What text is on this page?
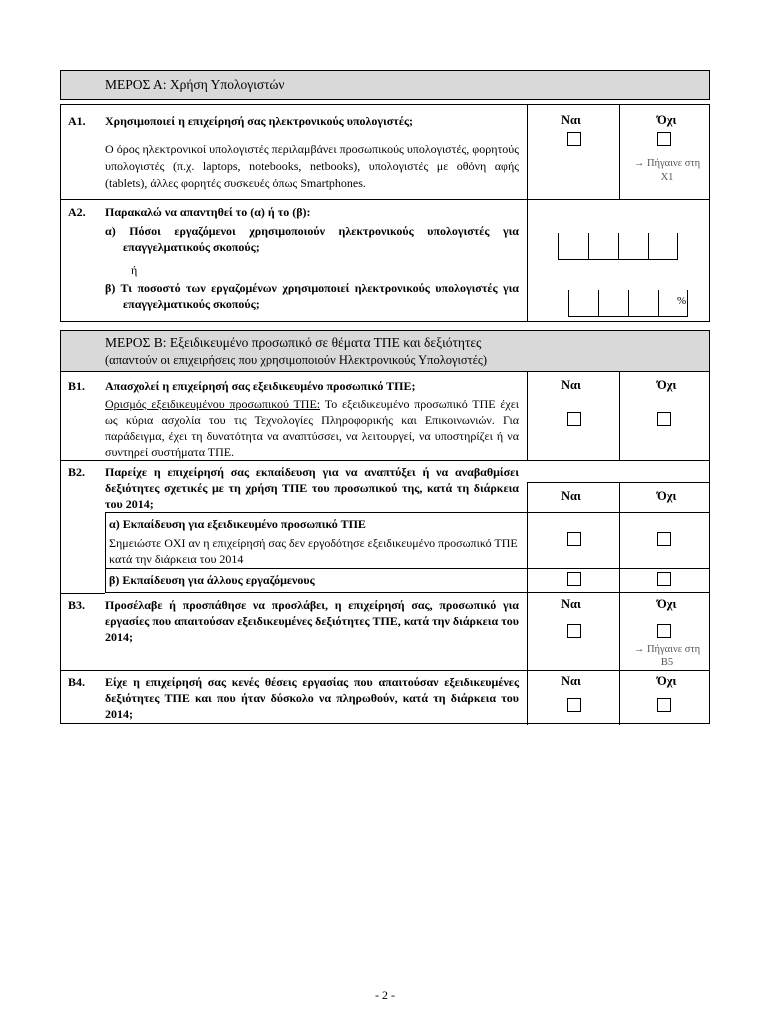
ΜΕΡΟΣ Α: Χρήση Υπολογιστών
Α1. Χρησιμοποιεί η επιχείρησή σας ηλεκτρονικούς υπολογιστές;
Ο όρος ηλεκτρονικοί υπολογιστές περιλαμβάνει προσωπικούς υπολογιστές, φορητούς υπολογιστές (π.χ. laptops, notebooks, netbooks), υπολογιστές με οθόνη αφής (tablets), άλλες φορητές συσκευές όπως Smartphones.
Ναι	Όχι
→ Πήγαινε στη
Χ1
Α2. Παρακαλώ να απαντηθεί το (α) ή το (β):
α) Πόσοι εργαζόμενοι χρησιμοποιούν ηλεκτρονικούς υπολογιστές για επαγγελματικούς σκοπούς;
ή
β) Τι ποσοστό των εργαζομένων χρησιμοποιεί ηλεκτρονικούς υπολογιστές για επαγγελματικούς σκοπούς;	%
ΜΕΡΟΣ Β: Εξειδικευμένο προσωπικό σε θέματα ΤΠΕ και δεξιότητες
(απαντούν οι επιχειρήσεις που χρησιμοποιούν Ηλεκτρονικούς Υπολογιστές)
Β1. Απασχολεί η επιχείρησή σας εξειδικευμένο προσωπικό ΤΠΕ;
Ορισμός εξειδικευμένου προσωπικού ΤΠΕ: Το εξειδικευμένο προσωπικό ΤΠΕ έχει ως κύρια ασχολία του τις Τεχνολογίες Πληροφορικής και Επικοινωνιών. Για παράδειγμα, έχει τη δυνατότητα να αναπτύσσει, να λειτουργεί, να υποστηρίζει ή να συντηρεί συστήματα ΤΠΕ.
Ναι	Όχι
Β2. Παρείχε η επιχείρησή σας εκπαίδευση για να αναπτύξει ή να αναβαθμίσει δεξιότητες σχετικές με τη χρήση ΤΠΕ του προσωπικού της, κατά τη διάρκεια του 2014;
Ναι	Όχι
α) Εκπαίδευση για εξειδικευμένο προσωπικό ΤΠΕ
Σημειώστε ΟΧΙ αν η επιχείρησή σας δεν εργοδότησε εξειδικευμένο προσωπικό ΤΠΕ κατά την διάρκεια του 2014
β) Εκπαίδευση για άλλους εργαζόμενους
Β3. Προσέλαβε ή προσπάθησε να προσλάβει, η επιχείρησή σας, προσωπικό για εργασίες που απαιτούσαν εξειδικευμένες δεξιότητες ΤΠΕ, κατά την διάρκεια του 2014;
Ναι	Όχι
→ Πήγαινε στη
Β5
Β4. Είχε η επιχείρησή σας κενές θέσεις εργασίας που απαιτούσαν εξειδικευμένες δεξιότητες ΤΠΕ και που ήταν δύσκολο να πληρωθούν, κατά τη διάρκεια του 2014;
Ναι	Όχι
- 2 -
